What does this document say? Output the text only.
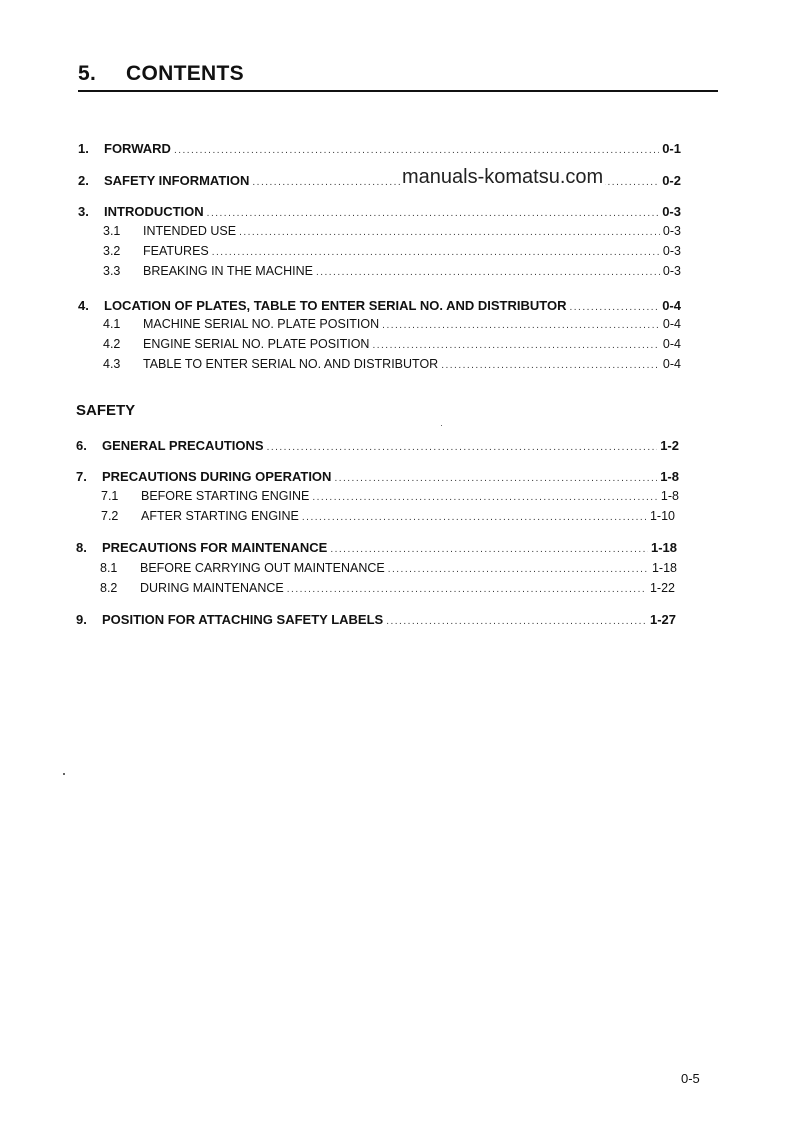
5. CONTENTS
1.	FORWARD .....	0-1
2.	SAFETY INFORMATION .....	0-2
manuals-komatsu.com
3.	INTRODUCTION .....	0-3
3.1	INTENDED USE .....	0-3
3.2	FEATURES .....	0-3
3.3	BREAKING IN THE MACHINE .....	0-3
4.	LOCATION OF PLATES, TABLE TO ENTER SERIAL NO. AND DISTRIBUTOR .....	0-4
4.1	MACHINE SERIAL NO. PLATE POSITION .....	0-4
4.2	ENGINE SERIAL NO. PLATE POSITION .....	0-4
4.3	TABLE TO ENTER SERIAL NO. AND DISTRIBUTOR .....	0-4
SAFETY
6.	GENERAL PRECAUTIONS .....	1-2
7.	PRECAUTIONS DURING OPERATION .....	1-8
7.1	BEFORE STARTING ENGINE .....	1-8
7.2	AFTER STARTING ENGINE .....	1-10
8.	PRECAUTIONS FOR MAINTENANCE .....	1-18
8.1	BEFORE CARRYING OUT MAINTENANCE .....	1-18
8.2	DURING MAINTENANCE .....	1-22
9.	POSITION FOR ATTACHING SAFETY LABELS .....	1-27
0-5
